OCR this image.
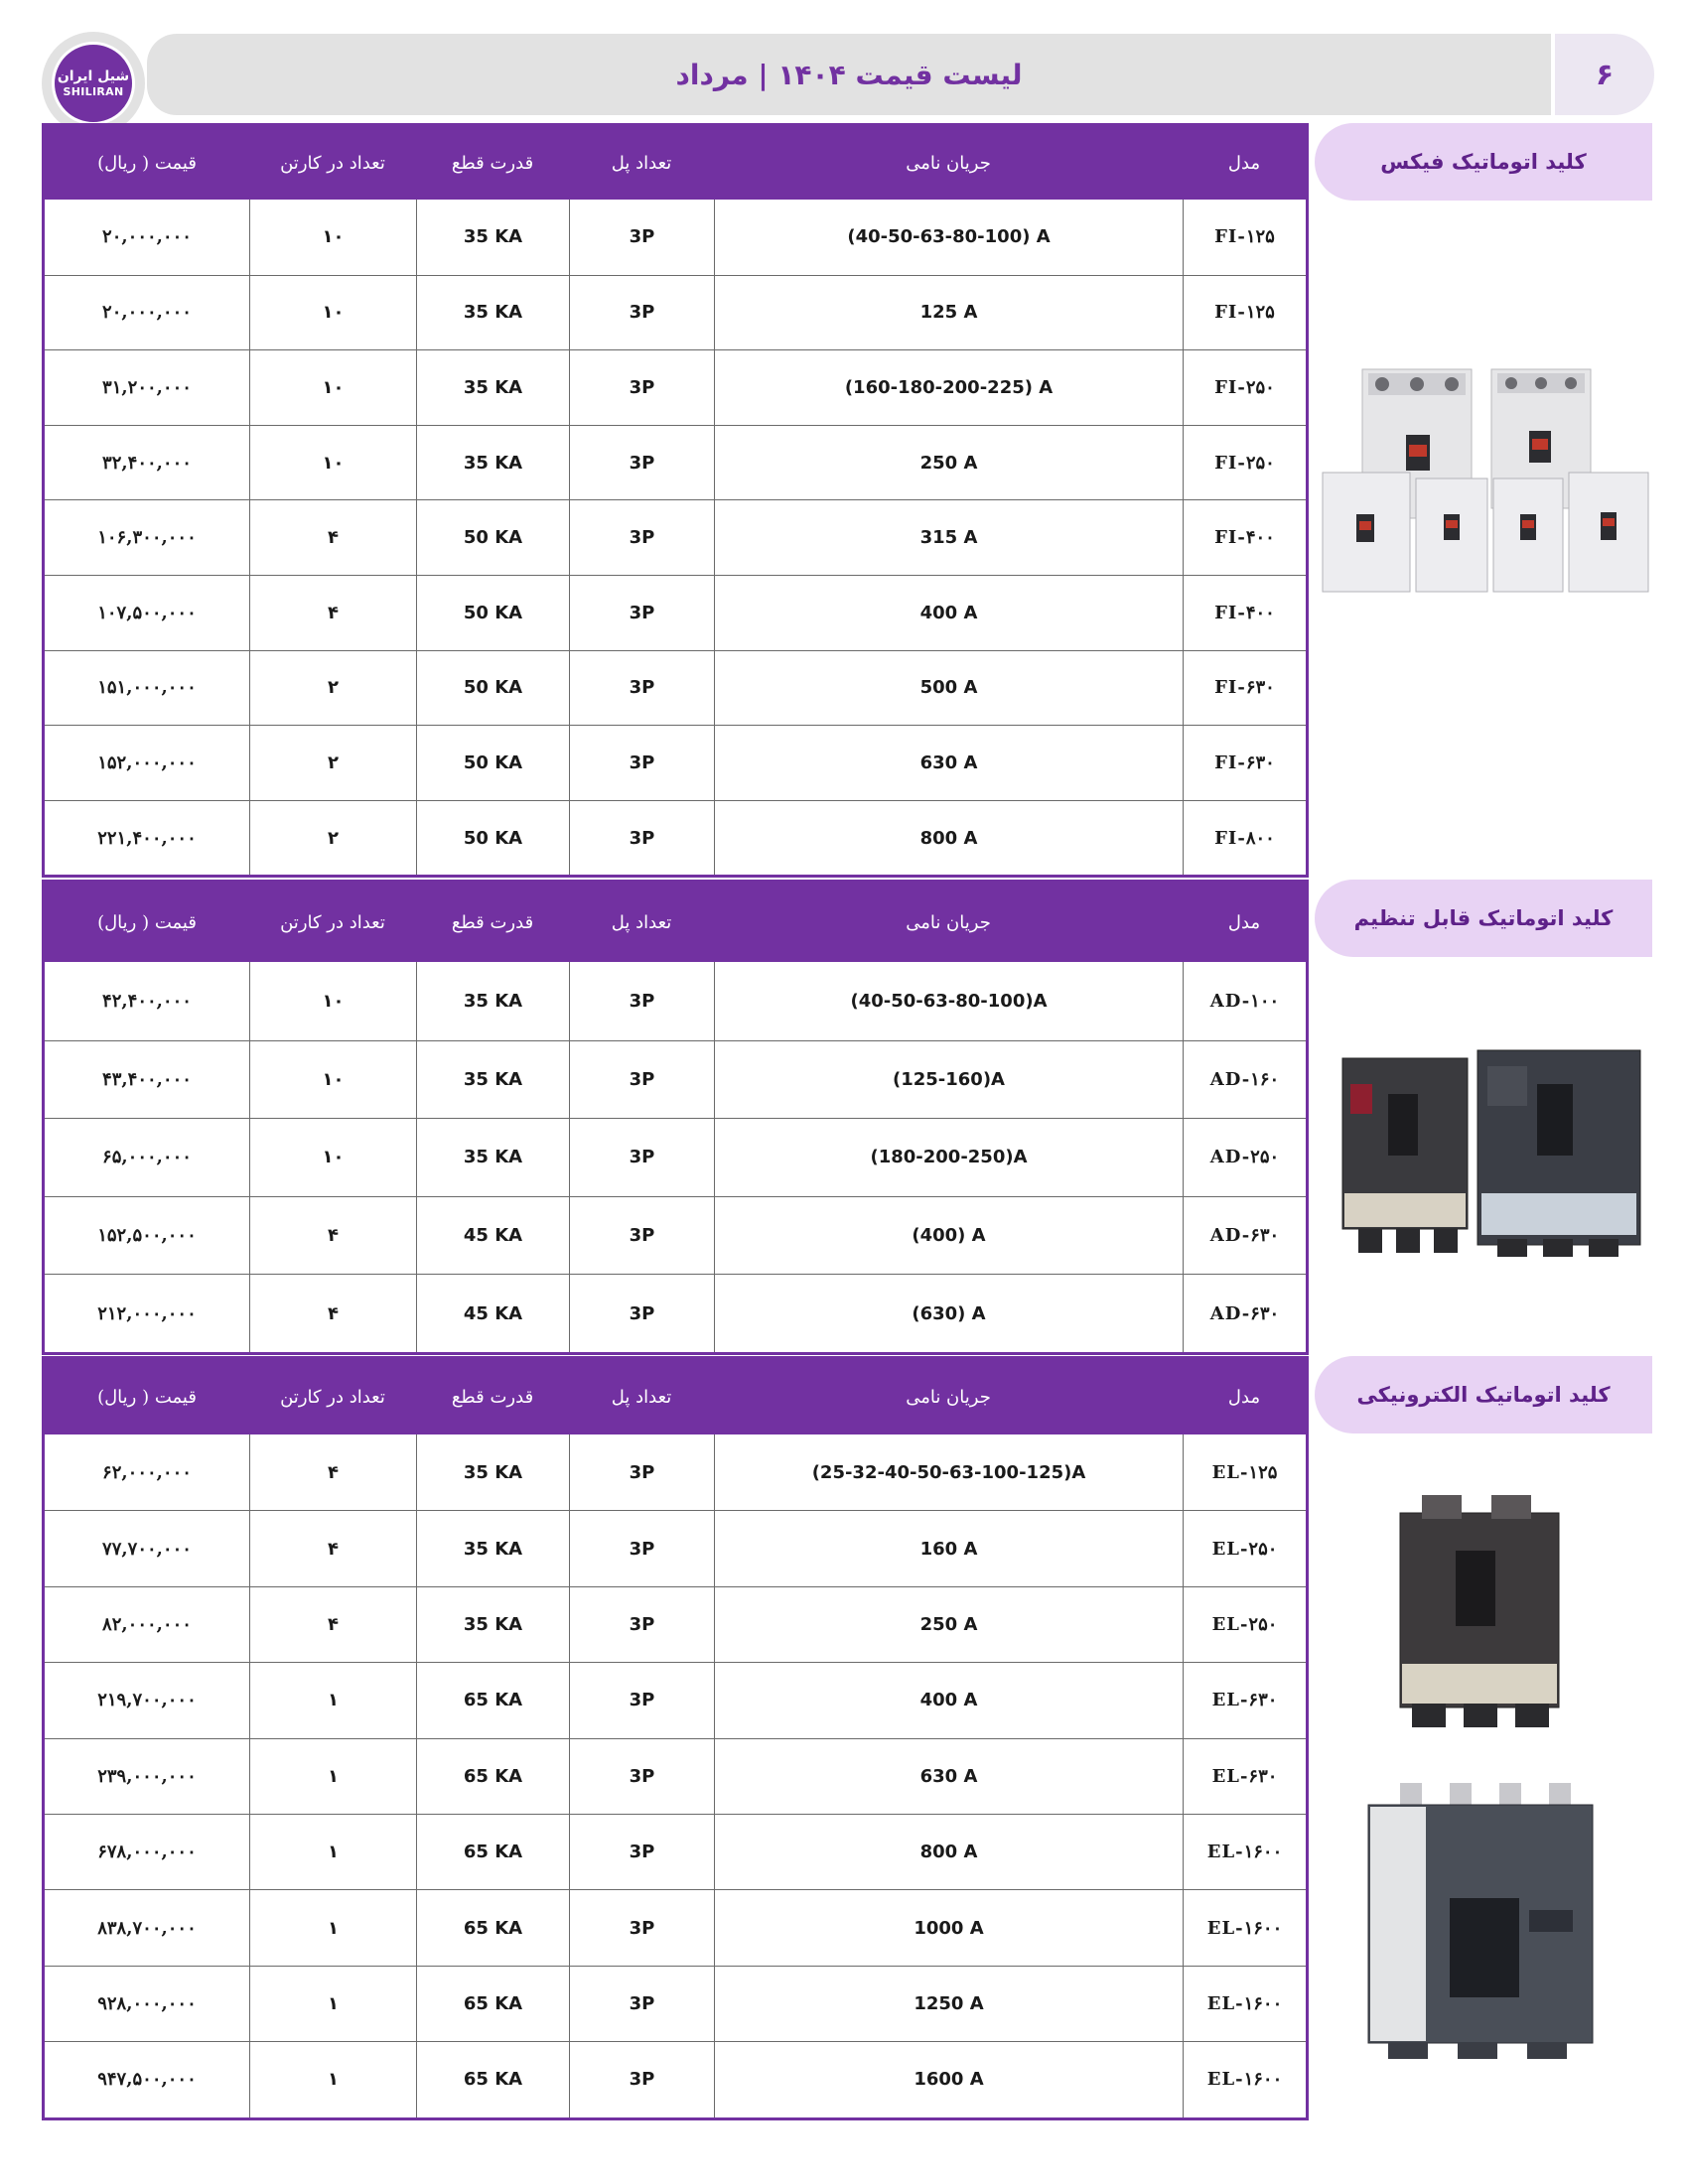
شیل ایران
SHILIRAN
لیست قیمت ۱۴۰۴ | مرداد	۶
کلید اتوماتیک فیکس
کلید اتوماتیک قابل تنظیم
کلید اتوماتیک الکترونیکی
مدل
جریان نامی
تعداد پل
قدرت قطع
تعداد در کارتن
قیمت ( ریال)
FI-۱۲۵
(40-50-63-80-100) A
3P
35 KA
۱۰
۲۰,۰۰۰,۰۰۰
FI-۱۲۵
125 A
3P
35 KA
۱۰
۲۰,۰۰۰,۰۰۰
FI-۲۵۰
(160-180-200-225) A
3P
35 KA
۱۰
۳۱,۲۰۰,۰۰۰
FI-۲۵۰
250 A
3P
35 KA
۱۰
۳۲,۴۰۰,۰۰۰
FI-۴۰۰
315 A
3P
50 KA
۴
۱۰۶,۳۰۰,۰۰۰
FI-۴۰۰
400 A
3P
50 KA
۴
۱۰۷,۵۰۰,۰۰۰
FI-۶۳۰
500 A
3P
50 KA
۲
۱۵۱,۰۰۰,۰۰۰
FI-۶۳۰
630 A
3P
50 KA
۲
۱۵۲,۰۰۰,۰۰۰
FI-۸۰۰
800 A
3P
50 KA
۲
۲۲۱,۴۰۰,۰۰۰
مدل
جریان نامی
تعداد پل
قدرت قطع
تعداد در کارتن
قیمت ( ریال)
AD-۱۰۰
(40-50-63-80-100)A
3P
35 KA
۱۰
۴۲,۴۰۰,۰۰۰
AD-۱۶۰
(125-160)A
3P
35 KA
۱۰
۴۳,۴۰۰,۰۰۰
AD-۲۵۰
(180-200-250)A
3P
35 KA
۱۰
۶۵,۰۰۰,۰۰۰
AD-۶۳۰
(400) A
3P
45 KA
۴
۱۵۲,۵۰۰,۰۰۰
AD-۶۳۰
(630) A
3P
45 KA
۴
۲۱۲,۰۰۰,۰۰۰
مدل
جریان نامی
تعداد پل
قدرت قطع
تعداد در کارتن
قیمت ( ریال)
EL-۱۲۵
(25-32-40-50-63-100-125)A
3P
35 KA
۴
۶۲,۰۰۰,۰۰۰
EL-۲۵۰
160 A
3P
35 KA
۴
۷۷,۷۰۰,۰۰۰
EL-۲۵۰
250 A
3P
35 KA
۴
۸۲,۰۰۰,۰۰۰
EL-۶۳۰
400 A
3P
65 KA
۱
۲۱۹,۷۰۰,۰۰۰
EL-۶۳۰
630 A
3P
65 KA
۱
۲۳۹,۰۰۰,۰۰۰
EL-۱۶۰۰
800 A
3P
65 KA
۱
۶۷۸,۰۰۰,۰۰۰
EL-۱۶۰۰
1000 A
3P
65 KA
۱
۸۳۸,۷۰۰,۰۰۰
EL-۱۶۰۰
1250 A
3P
65 KA
۱
۹۲۸,۰۰۰,۰۰۰
EL-۱۶۰۰
1600 A
3P
65 KA
۱
۹۴۷,۵۰۰,۰۰۰
